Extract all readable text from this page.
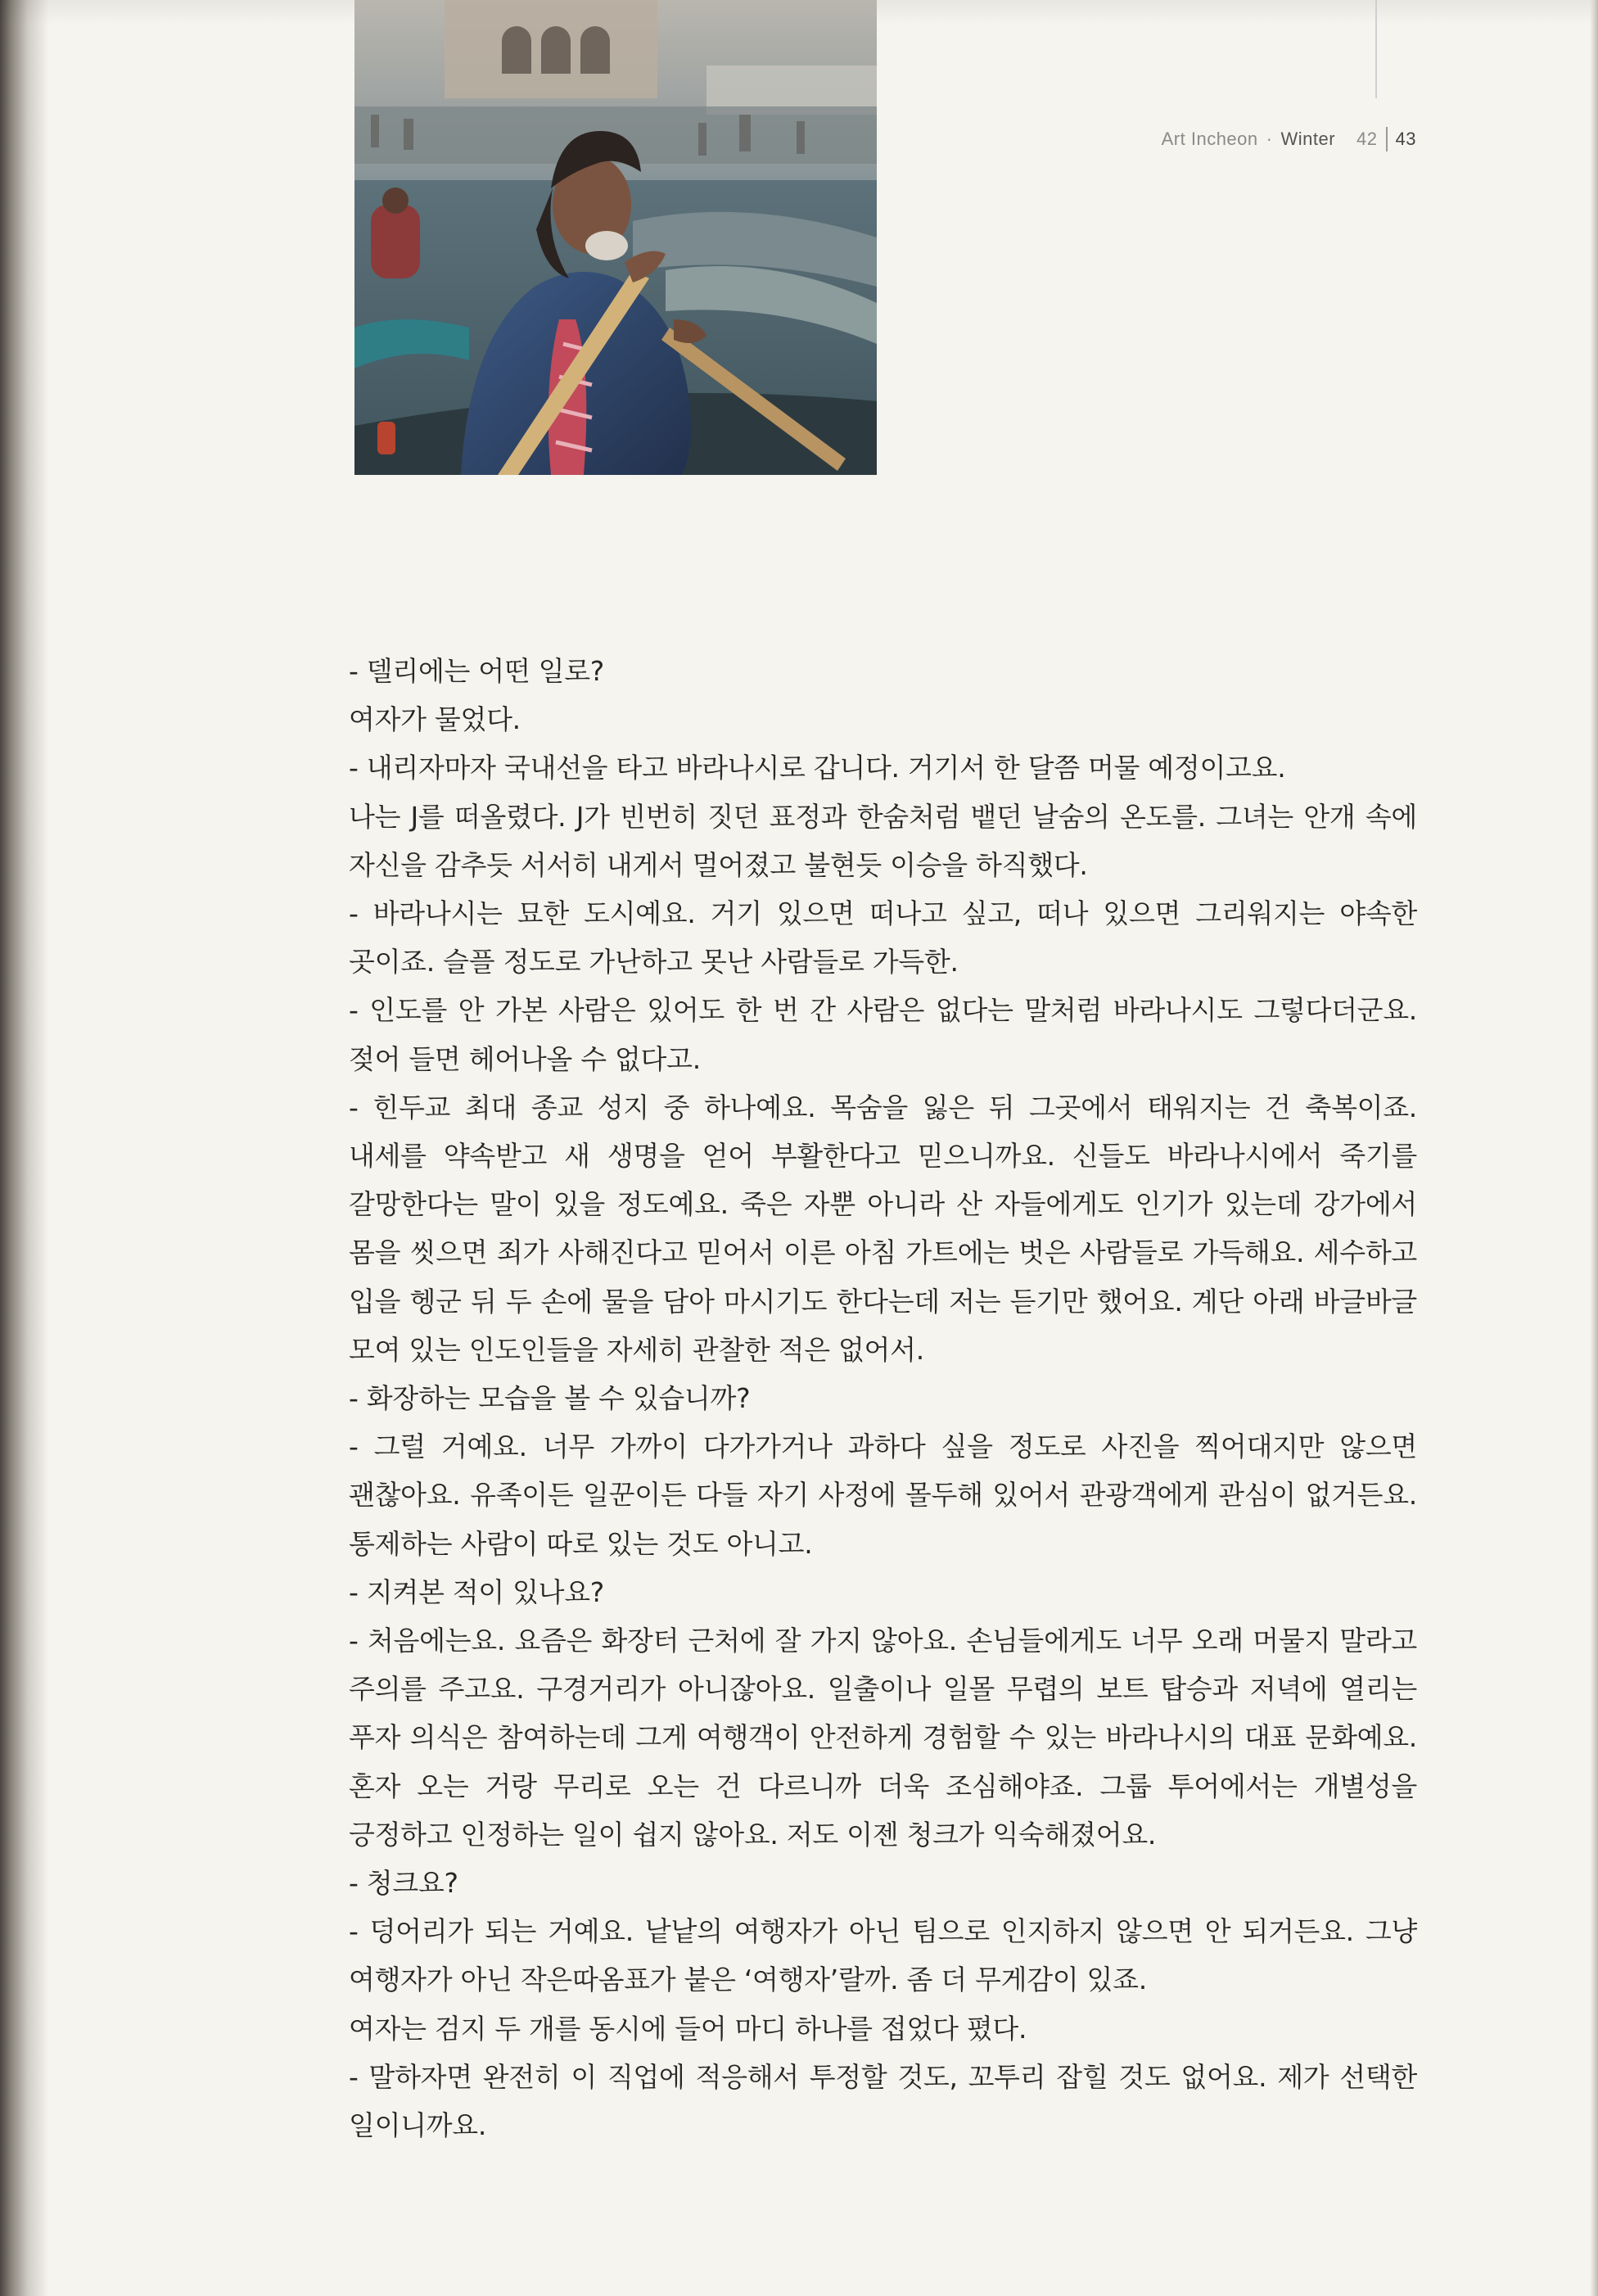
Art Incheon · Winter 42 43

- 델리에는 어떤 일로?

여자가 물었다.

- 내리자마자 국내선을 타고 바라나시로 갑니다. 거기서 한 달쯤 머물 예정이고요.

나는 J를 떠올렸다. J가 빈번히 짓던 표정과 한숨처럼 뱉던 날숨의 온도를. 그녀는 안개 속에 자신을 감추듯 서서히 내게서 멀어졌고 불현듯 이승을 하직했다.

- 바라나시는 묘한 도시예요. 거기 있으면 떠나고 싶고, 떠나 있으면 그리워지는 야속한 곳이죠. 슬플 정도로 가난하고 못난 사람들로 가득한.

- 인도를 안 가본 사람은 있어도 한 번 간 사람은 없다는 말처럼 바라나시도 그렇다더군요. 젖어 들면 헤어나올 수 없다고.

- 힌두교 최대 종교 성지 중 하나예요. 목숨을 잃은 뒤 그곳에서 태워지는 건 축복이죠. 내세를 약속받고 새 생명을 얻어 부활한다고 믿으니까요. 신들도 바라나시에서 죽기를 갈망한다는 말이 있을 정도예요. 죽은 자뿐 아니라 산 자들에게도 인기가 있는데 강가에서 몸을 씻으면 죄가 사해진다고 믿어서 이른 아침 가트에는 벗은 사람들로 가득해요. 세수하고 입을 헹군 뒤 두 손에 물을 담아 마시기도 한다는데 저는 듣기만 했어요. 계단 아래 바글바글 모여 있는 인도인들을 자세히 관찰한 적은 없어서.

- 화장하는 모습을 볼 수 있습니까?

- 그럴 거예요. 너무 가까이 다가가거나 과하다 싶을 정도로 사진을 찍어대지만 않으면 괜찮아요. 유족이든 일꾼이든 다들 자기 사정에 몰두해 있어서 관광객에게 관심이 없거든요. 통제하는 사람이 따로 있는 것도 아니고.

- 지켜본 적이 있나요?

- 처음에는요. 요즘은 화장터 근처에 잘 가지 않아요. 손님들에게도 너무 오래 머물지 말라고 주의를 주고요. 구경거리가 아니잖아요. 일출이나 일몰 무렵의 보트 탑승과 저녁에 열리는 푸자 의식은 참여하는데 그게 여행객이 안전하게 경험할 수 있는 바라나시의 대표 문화예요. 혼자 오는 거랑 무리로 오는 건 다르니까 더욱 조심해야죠. 그룹 투어에서는 개별성을 긍정하고 인정하는 일이 쉽지 않아요. 저도 이젠 청크가 익숙해졌어요.

- 청크요?

- 덩어리가 되는 거예요. 낱낱의 여행자가 아닌 팀으로 인지하지 않으면 안 되거든요. 그냥 여행자가 아닌 작은따옴표가 붙은 ‘여행자’랄까. 좀 더 무게감이 있죠.

여자는 검지 두 개를 동시에 들어 마디 하나를 접었다 폈다.

- 말하자면 완전히 이 직업에 적응해서 투정할 것도, 꼬투리 잡힐 것도 없어요. 제가 선택한 일이니까요.
